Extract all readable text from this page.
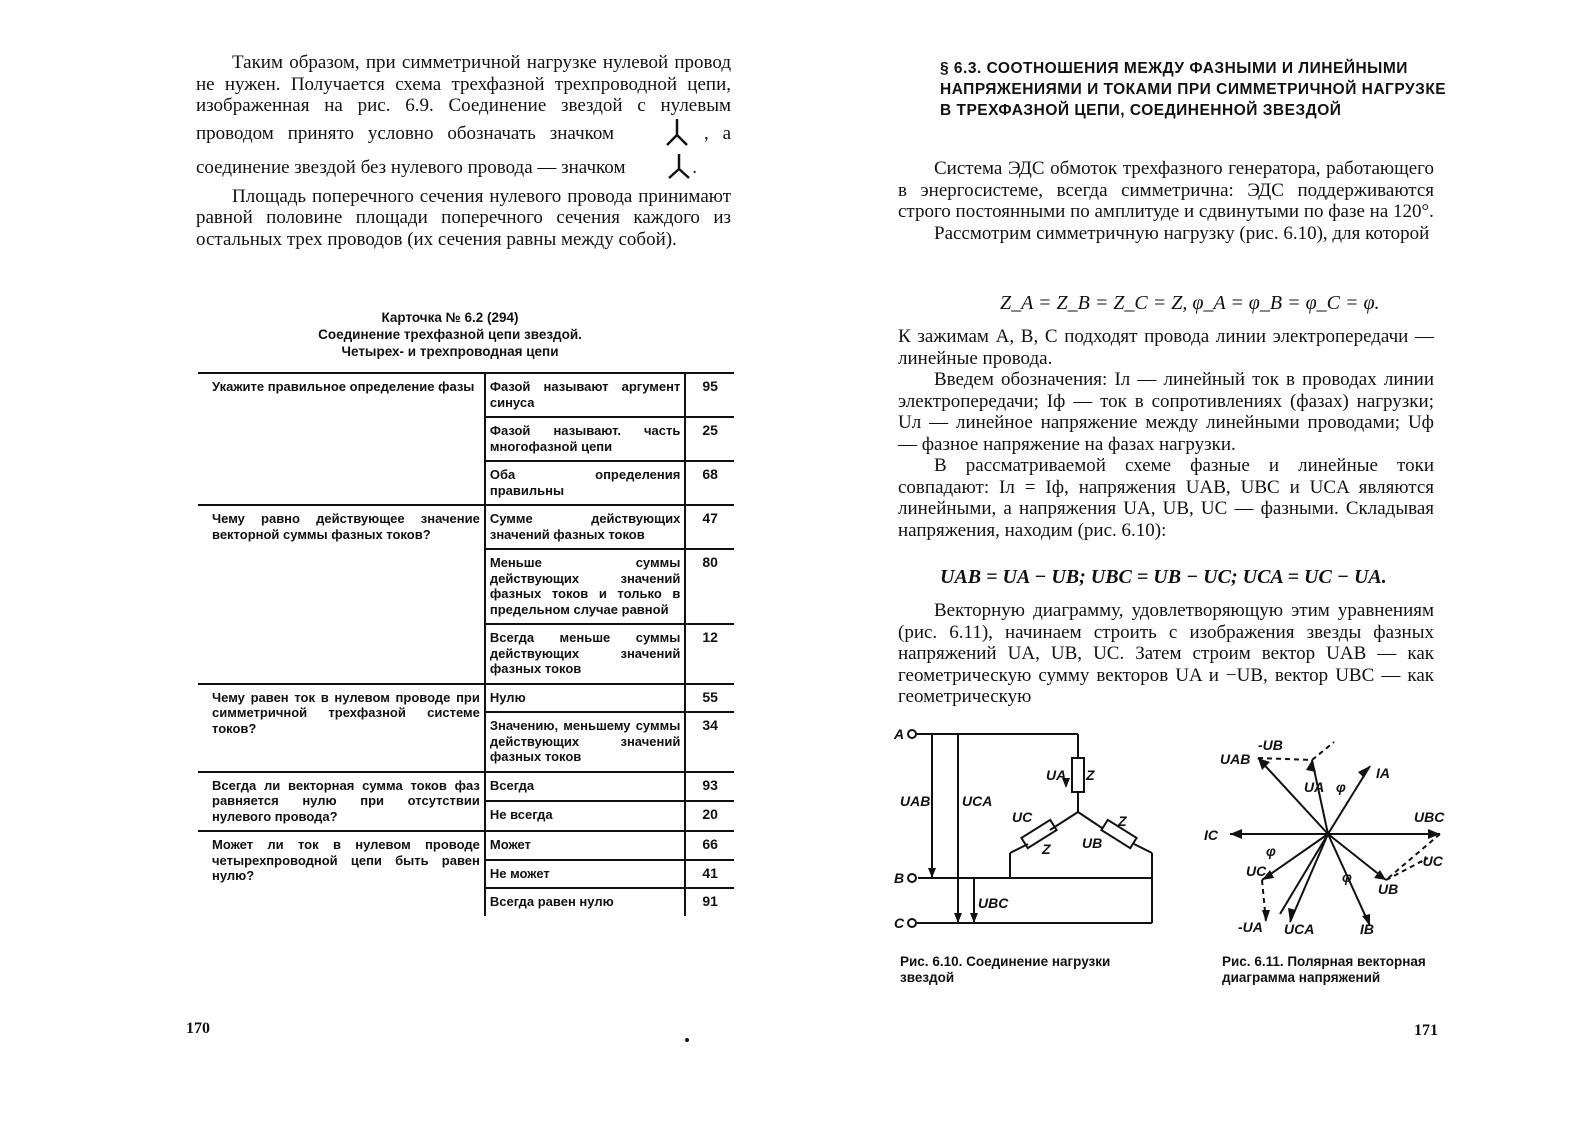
Таким образом, при симметричной нагрузке нулевой провод не нужен. Получается схема трехфазной трехпроводной цепи, изображенная на рис. 6.9. Соединение звездой с нулевым проводом принято условно обозначать значком	, а соединение звездой без нулевого провода — значком	.

Площадь поперечного сечения нулевого провода принимают равной половине площади поперечного сечения каждого из остальных трех проводов (их сечения равны между собой).

Карточка № 6.2 (294)
Соединение трехфазной цепи звездой.
Четырех- и трехпроводная цепи
Укажите правильное определение фазы	Фазой называют аргумент синуса	95
	Фазой называют. часть многофазной цепи	25
	Оба определения правильны	68
Чему равно действующее значение векторной суммы фазных токов?	Сумме действующих значений фазных токов	47
	Меньше суммы действующих значений фазных токов и только в предельном случае равной	80
	Всегда меньше суммы действующих значений фазных токов	12
Чему равен ток в нулевом проводе при симметричной трехфазной системе токов?	Нулю	55
	Значению, меньшему суммы действующих значений фазных токов	34
Всегда ли векторная сумма токов фаз равняется нулю при отсутствии нулевого провода?	Всегда	93
	Не всегда	20
Может ли ток в нулевом проводе четырехпроводной цепи быть равен нулю?	Может	66
	Не может	41
	Всегда равен нулю	91
170
§ 6.3. СООТНОШЕНИЯ МЕЖДУ ФАЗНЫМИ И ЛИНЕЙНЫМИ НАПРЯЖЕНИЯМИ И ТОКАМИ ПРИ СИММЕТРИЧНОЙ НАГРУЗКЕ В ТРЕХФАЗНОЙ ЦЕПИ, СОЕДИНЕННОЙ ЗВЕЗДОЙ

Система ЭДС обмоток трехфазного генератора, работающего в энергосистеме, всегда симметрична: ЭДС поддерживаются строго постоянными по амплитуде и сдвинутыми по фазе на 120°.

Рассмотрим симметричную нагрузку (рис. 6.10), для которой

Z_A = Z_B = Z_C = Z, φ_A = φ_B = φ_C = φ.

К зажимам A, B, C подходят провода линии электропередачи — линейные провода.

Введем обозначения: Iл — линейный ток в проводах линии электропередачи; Iф — ток в сопротивлениях (фазах) нагрузки; Uл — линейное напряжение между линейными проводами; Uф — фазное напряжение на фазах нагрузки.

В рассматриваемой схеме фазные и линейные токи совпадают: Iл = Iф, напряжения UAB, UBC и UCA являются линейными, а напряжения UA, UB, UC — фазными. Складывая напряжения, находим (рис. 6.10):

UAB = UA − UB; UBC = UB − UC; UCA = UC − UA.

Векторную диаграмму, удовлетворяющую этим уравнениям (рис. 6.11), начинаем строить с изображения звезды фазных напряжений UA, UB, UC. Затем строим вектор UAB — как геометрическую сумму векторов UA и −UB, вектор UBC — как геометрическую

A
B
C
UAB UCA
UBC
UA Z
UC
Z UB
Z
UAB
-UB
UA φ
IA
UBC
IC
φ
-UC
UC	φ
UB
-UA UCA	IB
Рис. 6.10. Соединение нагрузки звездой
Рис. 6.11. Полярная векторная диаграмма напряжений
171
